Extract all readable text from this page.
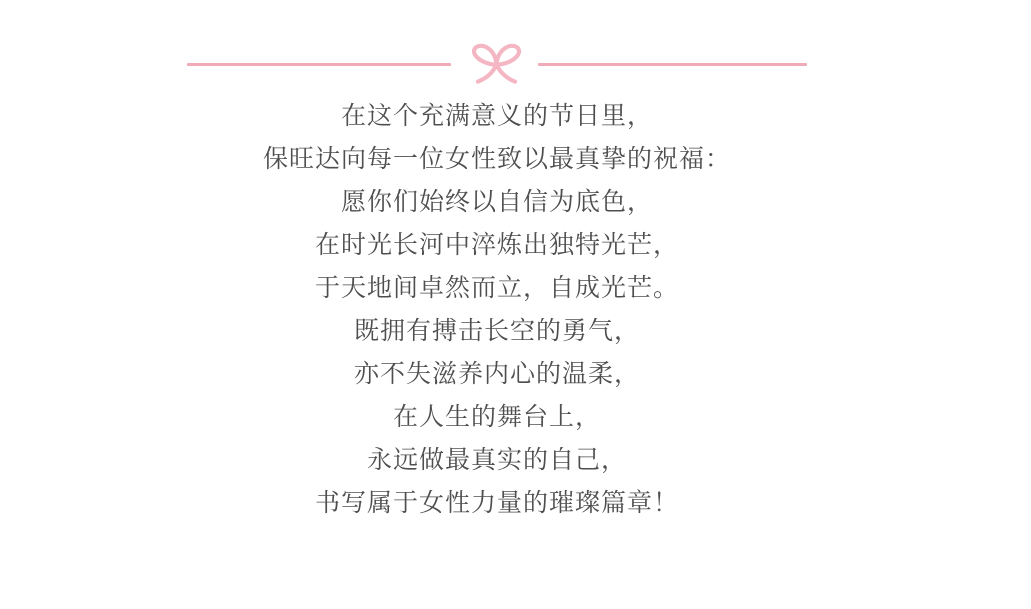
在这个充满意义的节日里，

保旺达向每一位女性致以最真挚的祝福：

愿你们始终以自信为底色，

在时光长河中淬炼出独特光芒，

于天地间卓然而立，自成光芒。

既拥有搏击长空的勇气，

亦不失滋养内心的温柔，

在人生的舞台上，

永远做最真实的自己，

书写属于女性力量的璀璨篇章！
